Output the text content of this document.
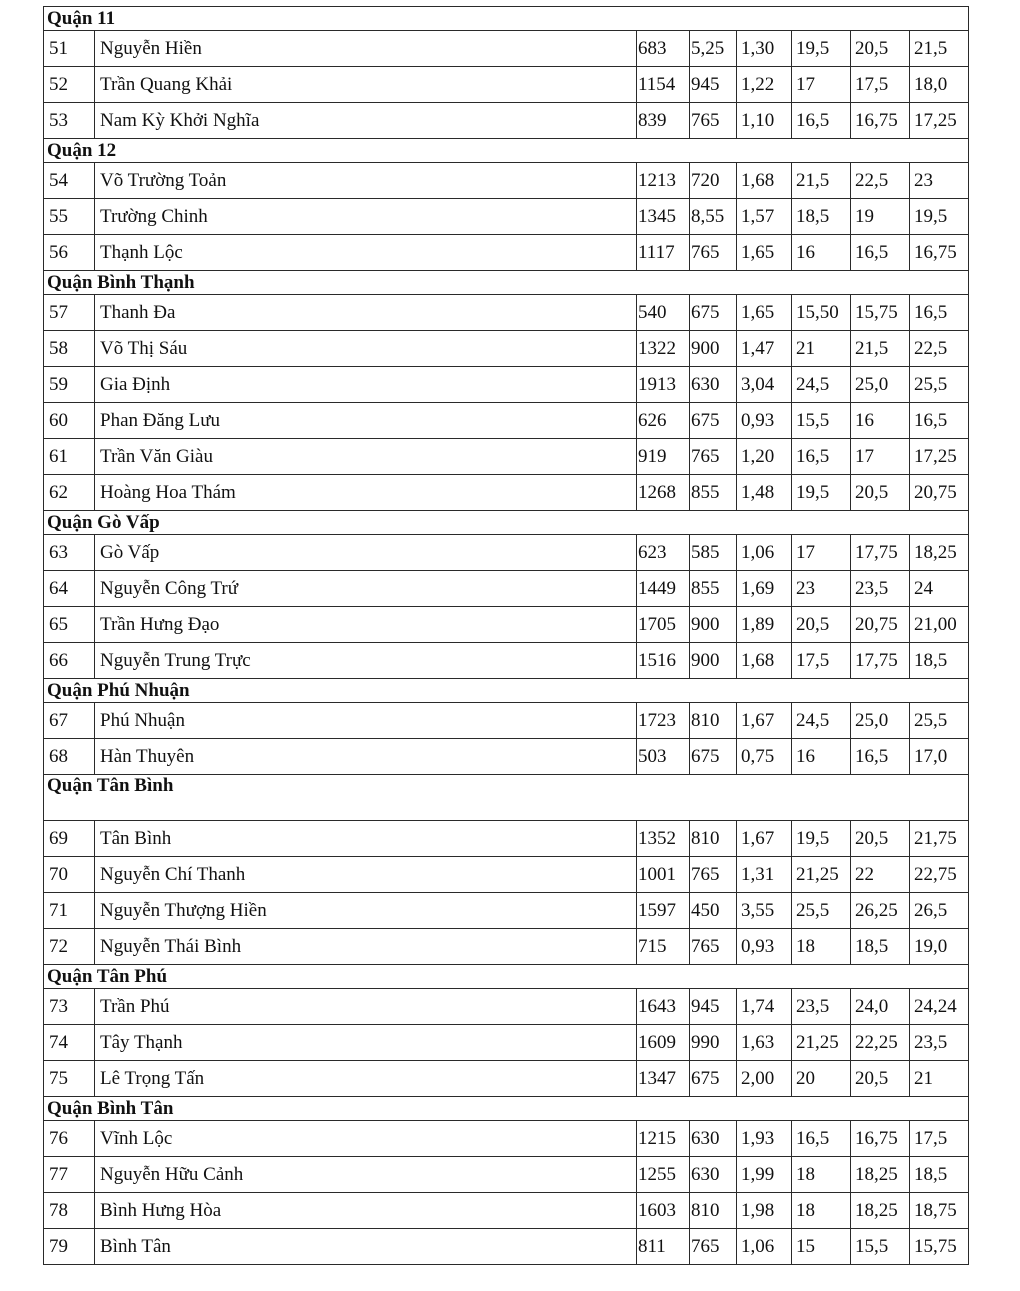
Quận 11							
51	Nguyễn Hiền	683	5,25	1,30	19,5	20,5	21,5
52	Trần Quang Khải	1154	945	1,22	17	17,5	18,0
53	Nam Kỳ Khởi Nghĩa	839	765	1,10	16,5	16,75	17,25
Quận 12							
54	Võ Trường Toản	1213	720	1,68	21,5	22,5	23
55	Trường Chinh	1345	8,55	1,57	18,5	19	19,5
56	Thạnh Lộc	1117	765	1,65	16	16,5	16,75
Quận Bình Thạnh							
57	Thanh Đa	540	675	1,65	15,50	15,75	16,5
58	Võ Thị Sáu	1322	900	1,47	21	21,5	22,5
59	Gia Định	1913	630	3,04	24,5	25,0	25,5
60	Phan Đăng Lưu	626	675	0,93	15,5	16	16,5
61	Trần Văn Giàu	919	765	1,20	16,5	17	17,25
62	Hoàng Hoa Thám	1268	855	1,48	19,5	20,5	20,75
Quận Gò Vấp							
63	Gò Vấp	623	585	1,06	17	17,75	18,25
64	Nguyễn Công Trứ	1449	855	1,69	23	23,5	24
65	Trần Hưng Đạo	1705	900	1,89	20,5	20,75	21,00
66	Nguyễn Trung Trực	1516	900	1,68	17,5	17,75	18,5
Quận Phú Nhuận							
67	Phú Nhuận	1723	810	1,67	24,5	25,0	25,5
68	Hàn Thuyên	503	675	0,75	16	16,5	17,0
Quận Tân Bình							
69	Tân Bình	1352	810	1,67	19,5	20,5	21,75
70	Nguyễn Chí Thanh	1001	765	1,31	21,25	22	22,75
71	Nguyễn Thượng Hiền	1597	450	3,55	25,5	26,25	26,5
72	Nguyễn Thái Bình	715	765	0,93	18	18,5	19,0
Quận Tân Phú							
73	Trần Phú	1643	945	1,74	23,5	24,0	24,24
74	Tây Thạnh	1609	990	1,63	21,25	22,25	23,5
75	Lê Trọng Tấn	1347	675	2,00	20	20,5	21
Quận Bình Tân							
76	Vĩnh Lộc	1215	630	1,93	16,5	16,75	17,5
77	Nguyễn Hữu Cảnh	1255	630	1,99	18	18,25	18,5
78	Bình Hưng Hòa	1603	810	1,98	18	18,25	18,75
79	Bình Tân	811	765	1,06	15	15,5	15,75
